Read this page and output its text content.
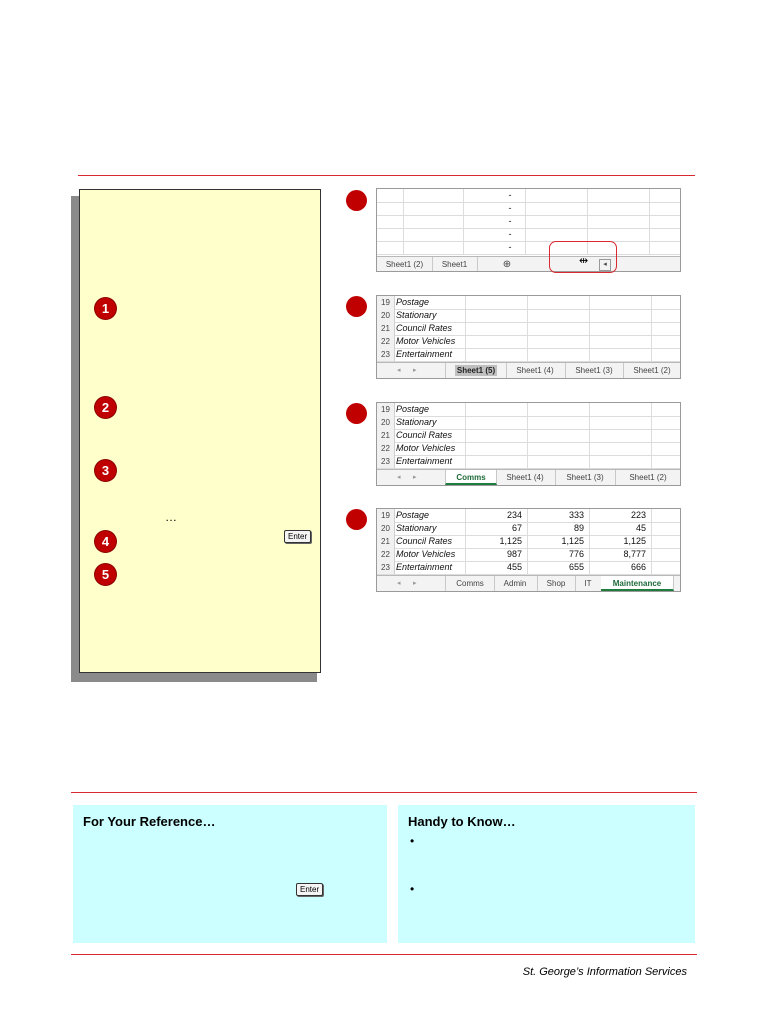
1
2
3
…
4	Enter
5
-
-
-
-
-
Sheet1 (2)	Sheet1	⊕	◂
⇹
19 Postage
20 Stationary
21 Council Rates
22 Motor Vehicles
23 Entertainment
◂ ▸	Sheet1 (5)	Sheet1 (4)	Sheet1 (3)	Sheet1 (2)
19 Postage
20 Stationary
21 Council Rates
22 Motor Vehicles
23 Entertainment
◂ ▸	Comms	Sheet1 (4)	Sheet1 (3)	Sheet1 (2)
19 Postage	234	333	223
20 Stationary	67	89	45
21 Council Rates	1,125	1,125	1,125
22 Motor Vehicles	987	776	8,777
23 Entertainment	455	655	666
◂ ▸	Comms	Admin	Shop	IT	Maintenance
For Your Reference…
Enter
Handy to Know…
•
•
St. George’s Information Services
